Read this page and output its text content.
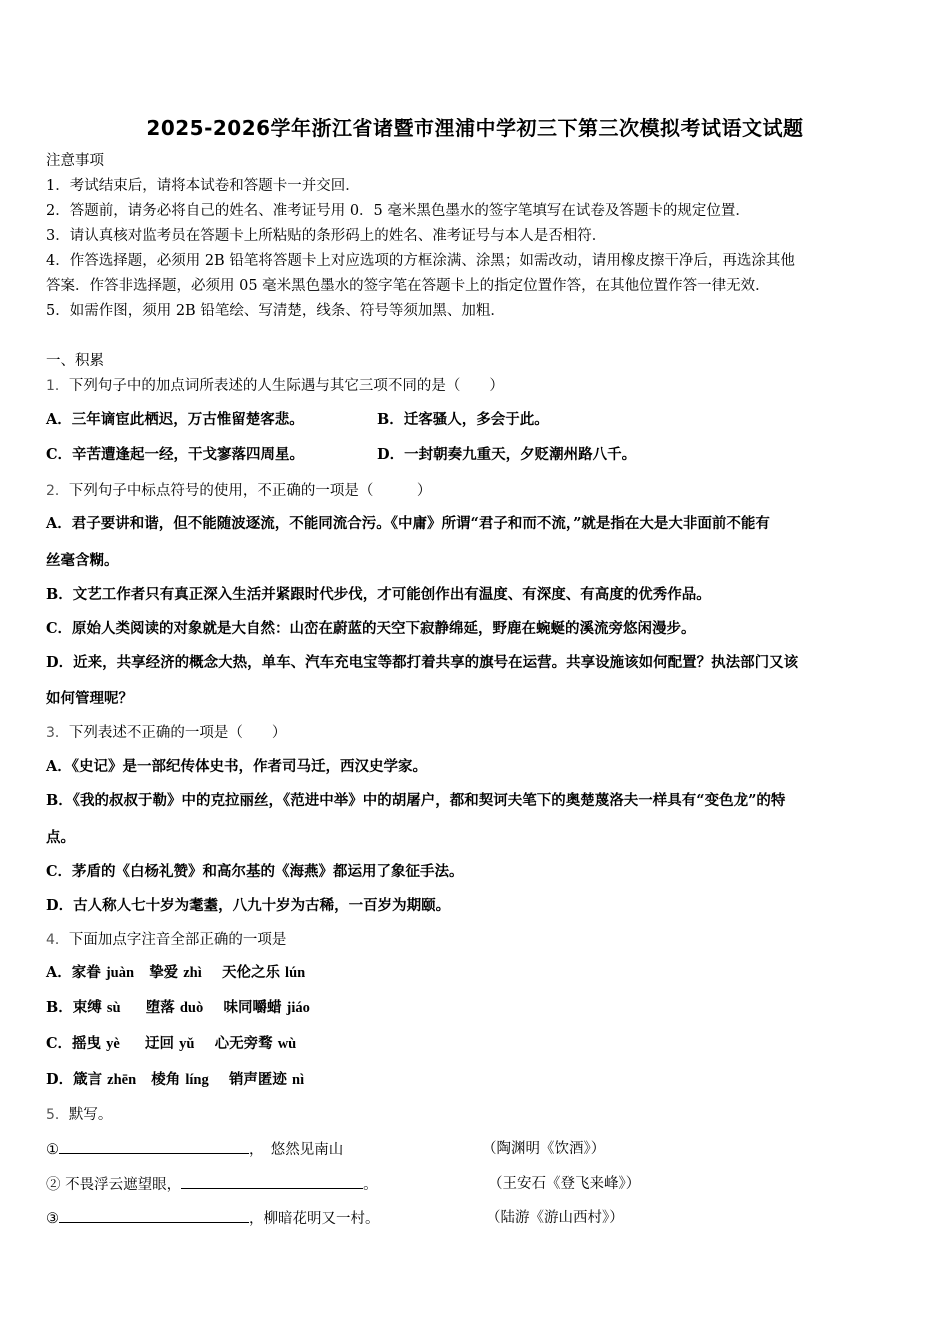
2025-2026学年浙江省诸暨市浬浦中学初三下第三次模拟考试语文试题
注意事项
1．考试结束后，请将本试卷和答题卡一并交回．
2．答题前，请务必将自己的姓名、准考证号用 0．5 毫米黑色墨水的签字笔填写在试卷及答题卡的规定位置．
3．请认真核对监考员在答题卡上所粘贴的条形码上的姓名、准考证号与本人是否相符．
4．作答选择题，必须用 2B 铅笔将答题卡上对应选项的方框涂满、涂黑；如需改动，请用橡皮擦干净后，再选涂其他
答案．作答非选择题，必须用 05 毫米黑色墨水的签字笔在答题卡上的指定位置作答，在其他位置作答一律无效．
5．如需作图，须用 2B 铅笔绘、写清楚，线条、符号等须加黑、加粗．
一、积累
1．下列句子中的加点词所表述的人生际遇与其它三项不同的是（　　）
A．三年谪宦此栖迟，万古惟留楚客悲。	B．迁客骚人，多会于此。
C．辛苦遭逢起一经，干戈寥落四周星。	D．一封朝奏九重天，夕贬潮州路八千。
2．下列句子中标点符号的使用，不正确的一项是（　　　）
A．君子要讲和谐，但不能随波逐流，不能同流合污。《中庸》所谓“君子和而不流，”就是指在大是大非面前不能有
丝毫含糊。
B．文艺工作者只有真正深入生活并紧跟时代步伐，才可能创作出有温度、有深度、有高度的优秀作品。
C．原始人类阅读的对象就是大自然：山峦在蔚蓝的天空下寂静绵延，野鹿在蜿蜒的溪流旁悠闲漫步。
D．近来，共享经济的概念大热，单车、汽车充电宝等都打着共享的旗号在运营。共享设施该如何配置？执法部门又该
如何管理呢？
3．下列表述不正确的一项是（　　）
A．《史记》是一部纪传体史书，作者司马迁，西汉史学家。
B．《我的叔叔于勒》中的克拉丽丝，《范进中举》中的胡屠户，都和契诃夫笔下的奥楚蔑洛夫一样具有“变色龙”的特
点。
C．茅盾的《白杨礼赞》和高尔基的《海燕》都运用了象征手法。
D．古人称人七十岁为耄耋，八九十岁为古稀，一百岁为期颐。
4．下面加点字注音全部正确的一项是
A．家眷 juàn 挚爱 zhì 天伦之乐 lún
B．束缚 sù 堕落 duò 味同嚼蜡 jiáo
C．摇曳 yè 迂回 yǔ 心无旁骛 wù
D．箴言 zhēn 棱角 líng 销声匿迹 nì
5．默写。
①	，　悠然见南山	（陶渊明《饮酒》）
② 不畏浮云遮望眼，	。	（王安石《登飞来峰》）
③	，柳暗花明又一村。	（陆游《游山西村》）
